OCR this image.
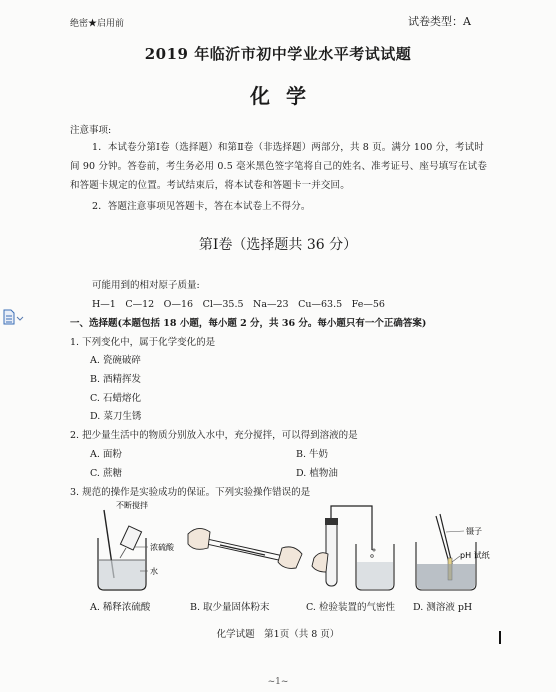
绝密★启用前	试卷类型：A
2019 年临沂市初中学业水平考试试题
化学
注意事项:
1．本试卷分第Ⅰ卷（选择题）和第Ⅱ卷（非选择题）两部分，共 8 页。满分 100 分，考试时间 90 分钟。答卷前，考生务必用 0.5 毫米黑色签字笔将自己的姓名、准考证号、座号填写在试卷和答题卡规定的位置。考试结束后，将本试卷和答题卡一并交回。
2．答题注意事项见答题卡，答在本试卷上不得分。
第Ⅰ卷（选择题共 36 分）
可能用到的相对原子质量:
H—1　C—12　O—16　Cl—35.5　Na—23　Cu—63.5　Fe—56
一、选择题(本题包括 18 小题，每小题 2 分，共 36 分。每小题只有一个正确答案)
1. 下列变化中，属于化学变化的是
A. 瓷碗破碎
B. 酒精挥发
C. 石蜡熔化
D. 菜刀生锈
2. 把少量生活中的物质分别放入水中，充分搅拌，可以得到溶液的是
A. 面粉	B. 牛奶
C. 蔗糖	D. 植物油
3. 规范的操作是实验成功的保证。下列实验操作错误的是
不断搅拌
浓硫酸
水
镊子
pH 试纸
A. 稀释浓硫酸	B. 取少量固体粉末	C. 检验装置的气密性 D. 测溶液 pH
化学试题　第1页（共 8 页）
~1~
